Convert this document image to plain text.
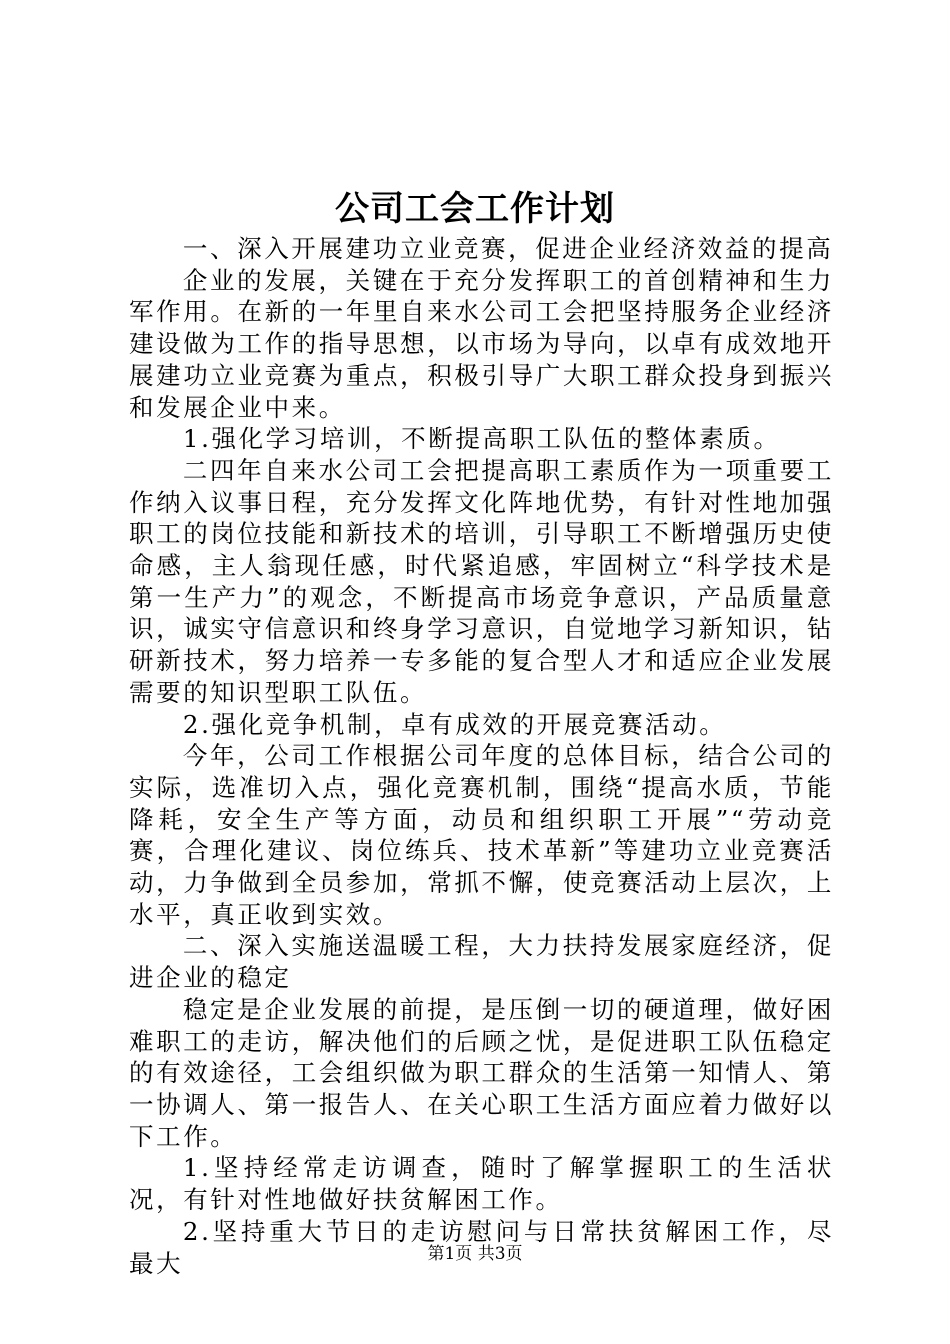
公司工会工作计划

一、深入开展建功立业竞赛，促进企业经济效益的提高

企业的发展，关键在于充分发挥职工的首创精神和生力军作用。在新的一年里自来水公司工会把坚持服务企业经济建设做为工作的指导思想，以市场为导向，以卓有成效地开展建功立业竞赛为重点，积极引导广大职工群众投身到振兴和发展企业中来。

1.强化学习培训，不断提高职工队伍的整体素质。

二四年自来水公司工会把提高职工素质作为一项重要工作纳入议事日程，充分发挥文化阵地优势，有针对性地加强职工的岗位技能和新技术的培训，引导职工不断增强历史使命感，主人翁现任感，时代紧追感，牢固树立“科学技术是第一生产力”的观念，不断提高市场竞争意识，产品质量意识，诚实守信意识和终身学习意识，自觉地学习新知识，钻研新技术，努力培养一专多能的复合型人才和适应企业发展需要的知识型职工队伍。

2.强化竞争机制，卓有成效的开展竞赛活动。

今年，公司工作根据公司年度的总体目标，结合公司的实际，选准切入点，强化竞赛机制，围绕“提高水质，节能降耗，安全生产等方面，动员和组织职工开展”“劳动竞赛，合理化建议、岗位练兵、技术革新”等建功立业竞赛活动，力争做到全员参加，常抓不懈，使竞赛活动上层次，上水平，真正收到实效。

二、深入实施送温暖工程，大力扶持发展家庭经济，促进企业的稳定

稳定是企业发展的前提，是压倒一切的硬道理，做好困难职工的走访，解决他们的后顾之忧，是促进职工队伍稳定的有效途径，工会组织做为职工群众的生活第一知情人、第一协调人、第一报告人、在关心职工生活方面应着力做好以下工作。

1.坚持经常走访调查，随时了解掌握职工的生活状况，有针对性地做好扶贫解困工作。

2.坚持重大节日的走访慰问与日常扶贫解困工作，尽最大	第1页 共3页
